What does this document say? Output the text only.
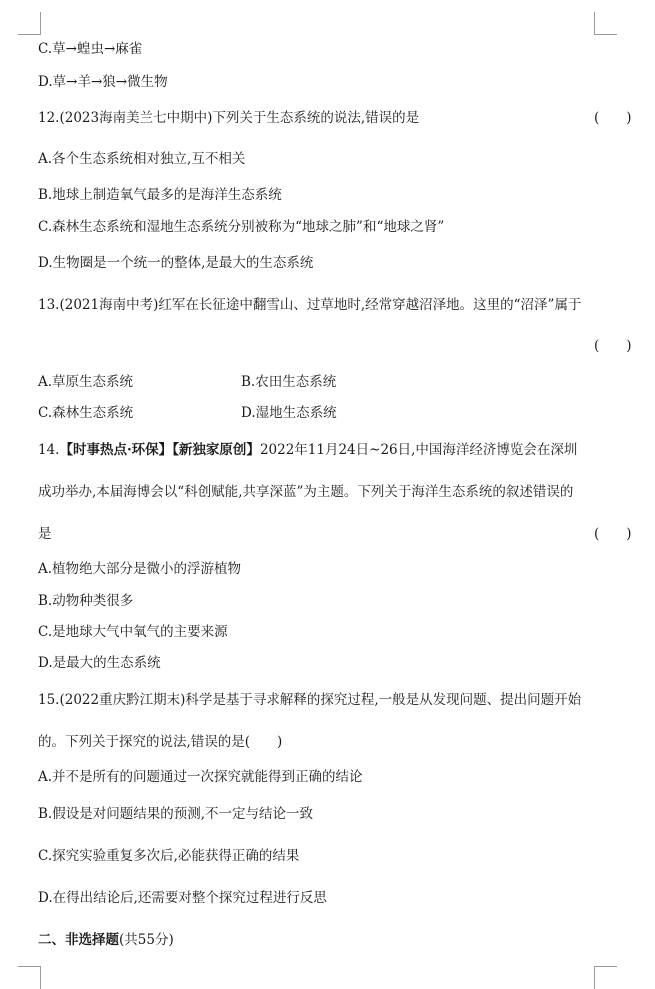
C.草→蝗虫→麻雀
D.草→羊→狼→微生物
12.(2023海南美兰七中期中)下列关于生态系统的说法,错误的是	(　　)
A.各个生态系统相对独立,互不相关
B.地球上制造氧气最多的是海洋生态系统
C.森林生态系统和湿地生态系统分别被称为“地球之肺”和“地球之肾”
D.生物圈是一个统一的整体,是最大的生态系统
13.(2021海南中考)红军在长征途中翻雪山、过草地时,经常穿越沼泽地。这里的“沼泽”属于
(　　)
A.草原生态系统	B.农田生态系统
C.森林生态系统	D.湿地生态系统
14.【时事热点·环保】【新独家原创】2022年11月24日~26日,中国海洋经济博览会在深圳
成功举办,本届海博会以“科创赋能,共享深蓝”为主题。下列关于海洋生态系统的叙述错误的
是	(　　)
A.植物绝大部分是微小的浮游植物
B.动物种类很多
C.是地球大气中氧气的主要来源
D.是最大的生态系统
15.(2022重庆黔江期末)科学是基于寻求解释的探究过程,一般是从发现问题、提出问题开始
的。下列关于探究的说法,错误的是(　　)
A.并不是所有的问题通过一次探究就能得到正确的结论
B.假设是对问题结果的预测,不一定与结论一致
C.探究实验重复多次后,必能获得正确的结果
D.在得出结论后,还需要对整个探究过程进行反思
二、非选择题(共55分)
